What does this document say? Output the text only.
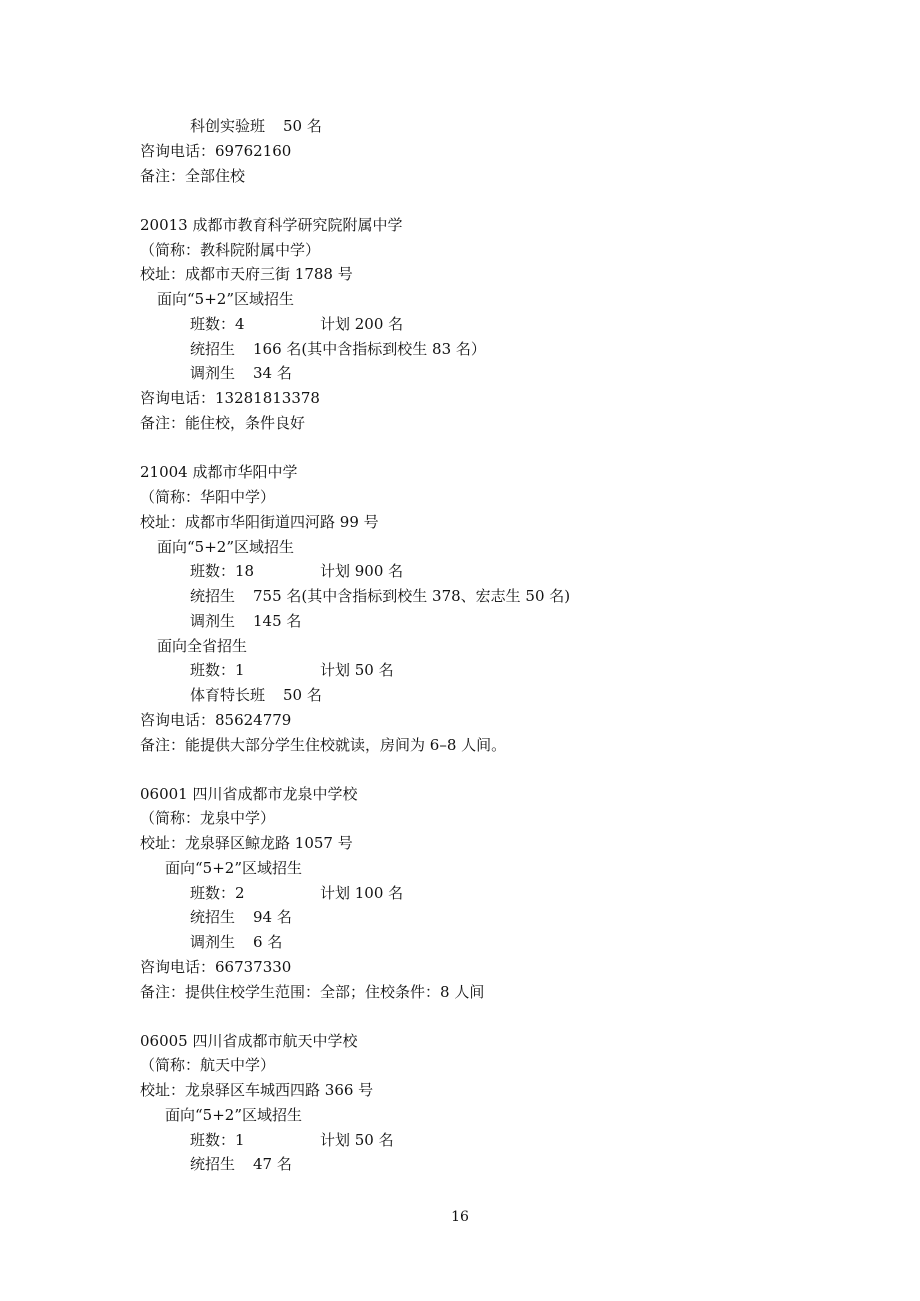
科创实验班 50 名
咨询电话：69762160
备注：全部住校
20013 成都市教育科学研究院附属中学
（简称：教科院附属中学）
校址：成都市天府三街 1788 号
面向“5+2”区域招生
班数：4	计划 200 名
统招生 166 名(其中含指标到校生 83 名）
调剂生 34 名
咨询电话：13281813378
备注：能住校，条件良好
21004 成都市华阳中学
（简称：华阳中学）
校址：成都市华阳街道四河路 99 号
面向“5+2”区域招生
班数：18	计划 900 名
统招生 755 名(其中含指标到校生 378、宏志生 50 名)
调剂生 145 名
面向全省招生
班数：1	计划 50 名
体育特长班 50 名
咨询电话：85624779
备注：能提供大部分学生住校就读，房间为 6–8 人间。
06001 四川省成都市龙泉中学校
（简称：龙泉中学）
校址：龙泉驿区鲸龙路 1057 号
面向“5+2”区域招生
班数：2	计划 100 名
统招生 94 名
调剂生 6 名
咨询电话：66737330
备注：提供住校学生范围：全部；住校条件：8 人间
06005 四川省成都市航天中学校
（简称：航天中学）
校址：龙泉驿区车城西四路 366 号
面向“5+2”区域招生
班数：1	计划 50 名
统招生 47 名
16
